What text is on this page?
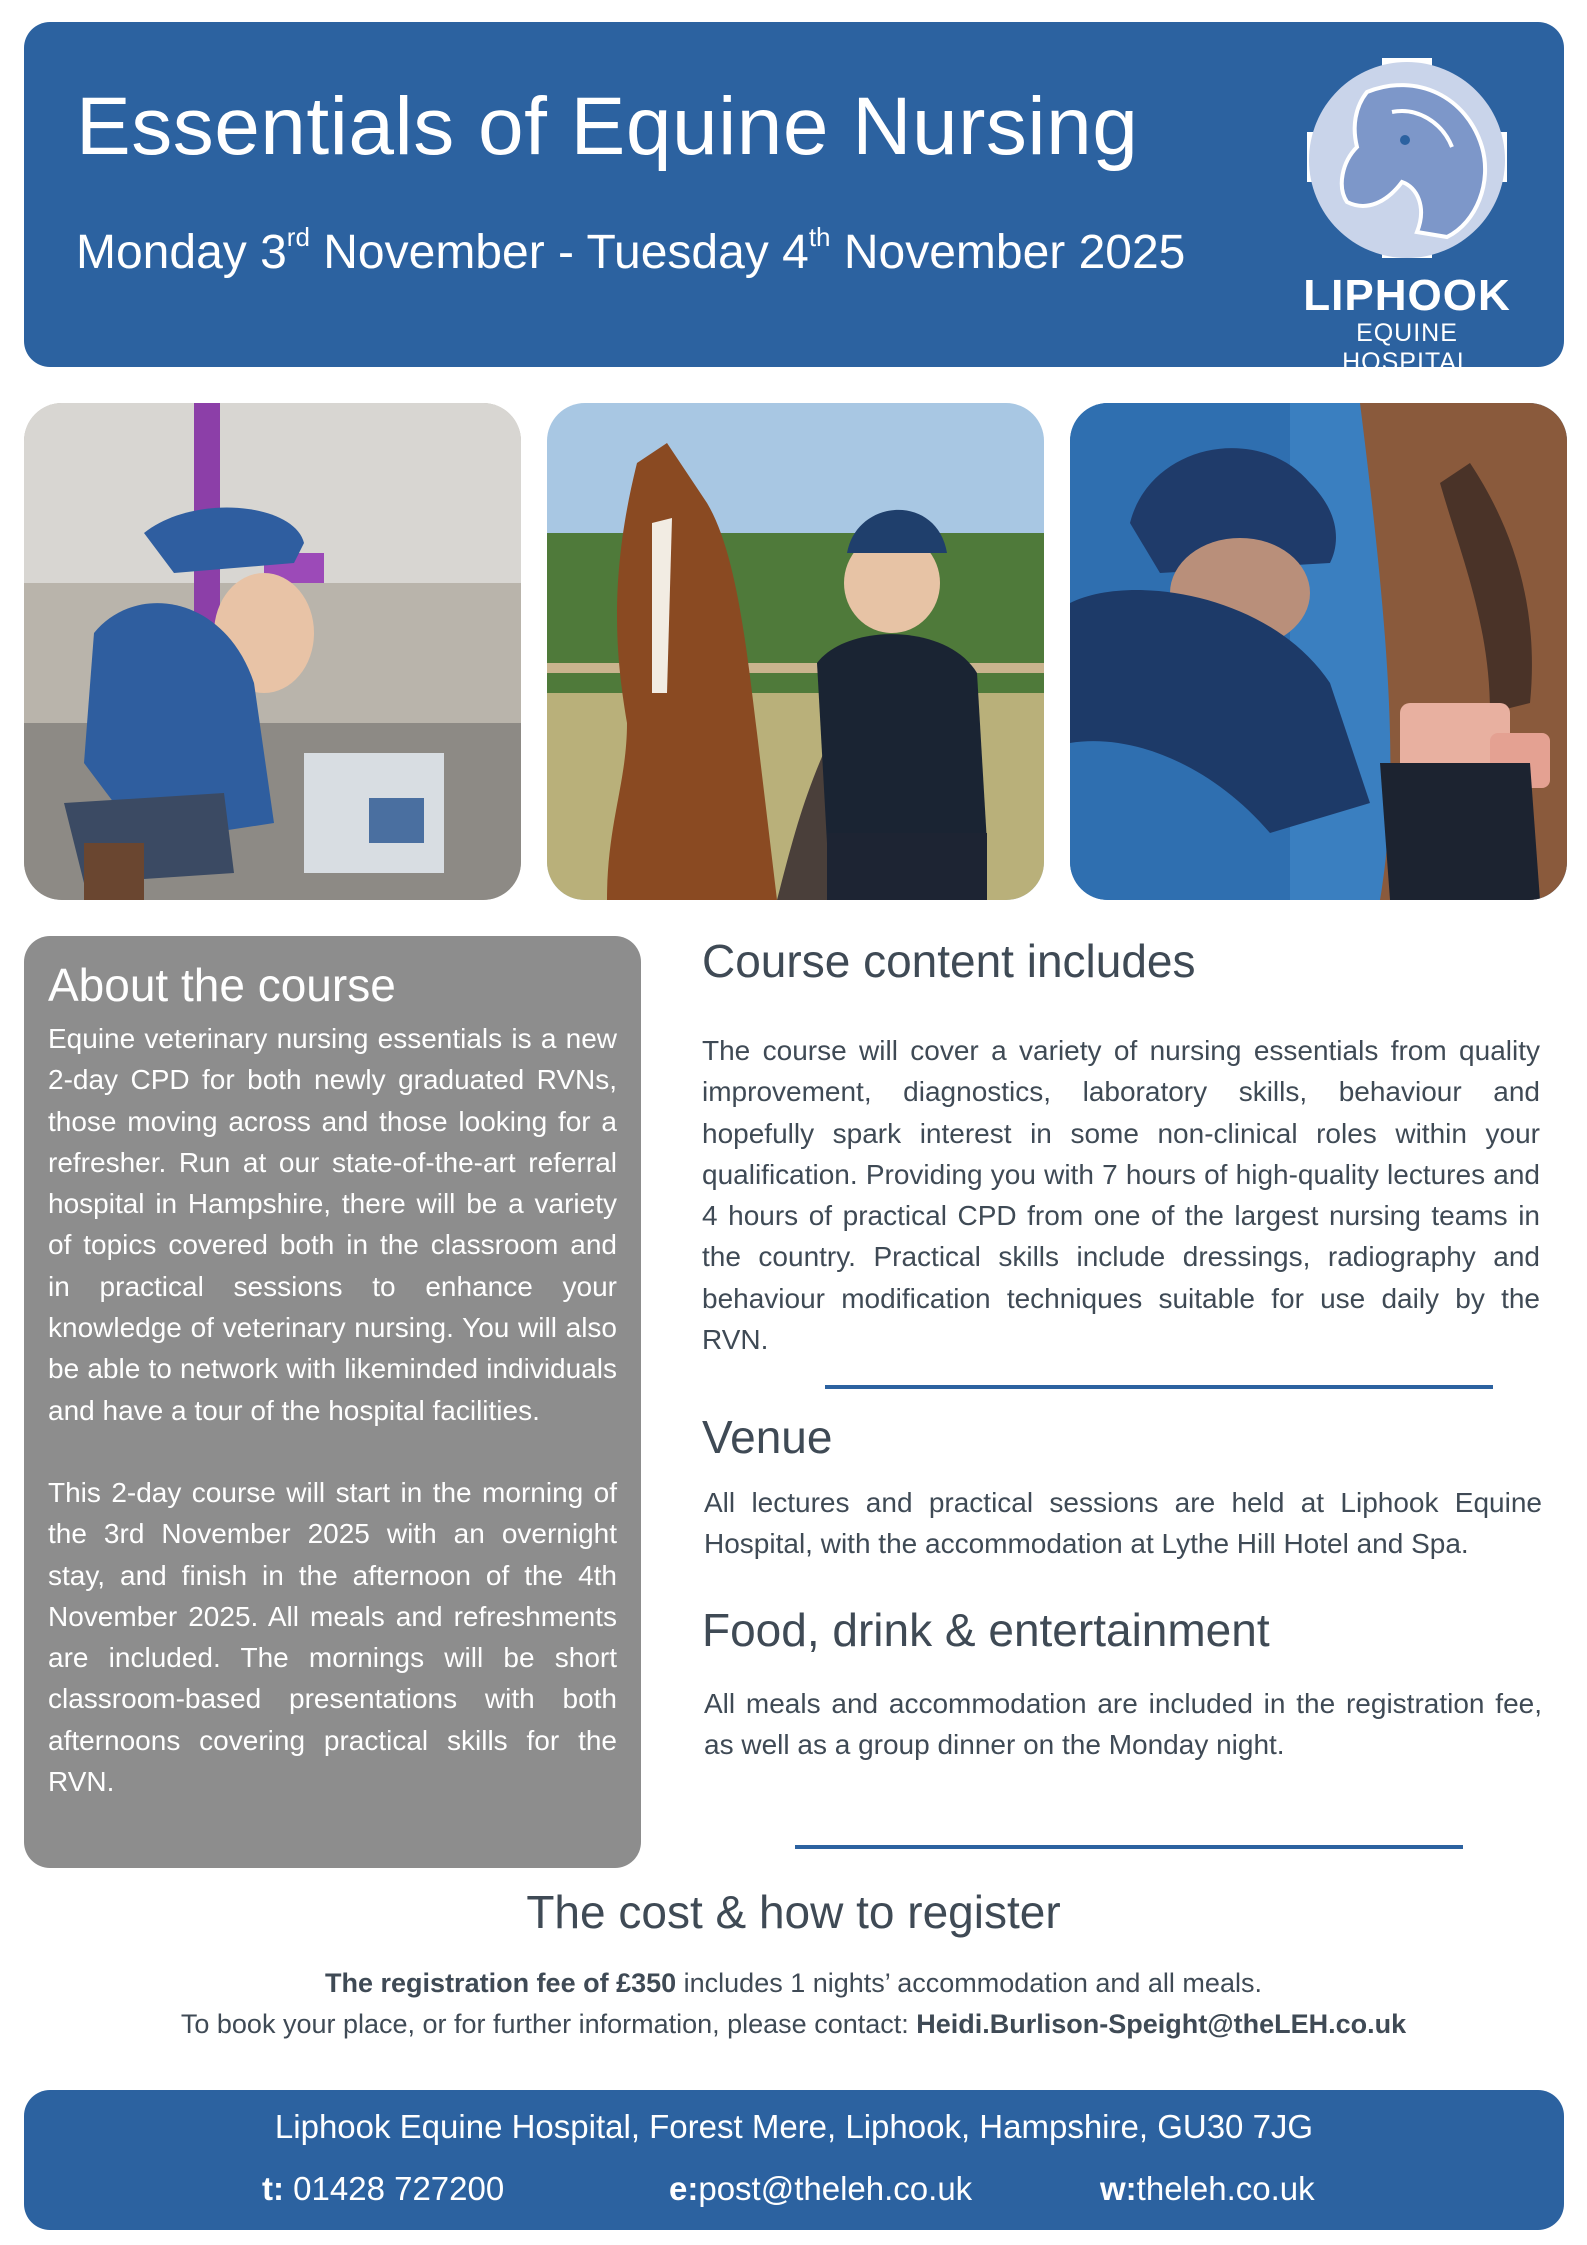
Essentials of Equine Nursing
Monday 3rd November - Tuesday 4th November 2025
LIPHOOK
EQUINE HOSPITAL
About the course

Equine veterinary nursing essentials is a new 2-day CPD for both newly graduated RVNs, those moving across and those looking for a refresher. Run at our state-of-the-art referral hospital in Hampshire, there will be a variety of topics covered both in the classroom and in practical sessions to enhance your knowledge of veterinary nursing. You will also be able to network with likeminded individuals and have a tour of the hospital facilities.

This 2-day course will start in the morning of the 3rd November 2025 with an overnight stay, and finish in the afternoon of the 4th November 2025. All meals and refreshments are included. The mornings will be short classroom-based presentations with both afternoons covering practical skills for the RVN.

Course content includes

The course will cover a variety of nursing essentials from quality improvement, diagnostics, laboratory skills, behaviour and hopefully spark interest in some non-clinical roles within your qualification. Providing you with 7 hours of high-quality lectures and 4 hours of practical CPD from one of the largest nursing teams in the country. Practical skills include dressings, radiography and behaviour modification techniques suitable for use daily by the RVN.

Venue

All lectures and practical sessions are held at Liphook Equine Hospital, with the accommodation at Lythe Hill Hotel and Spa.

Food, drink & entertainment

All meals and accommodation are included in the registration fee, as well as a group dinner on the Monday night.

The cost & how to register

The registration fee of £350 includes 1 nights’ accommodation and all meals.

To book your place, or for further information, please contact: Heidi.Burlison-Speight@theLEH.co.uk

Liphook Equine Hospital, Forest Mere, Liphook, Hampshire, GU30 7JG
t: 01428 727200	e:post@theleh.co.uk	w:theleh.co.uk
